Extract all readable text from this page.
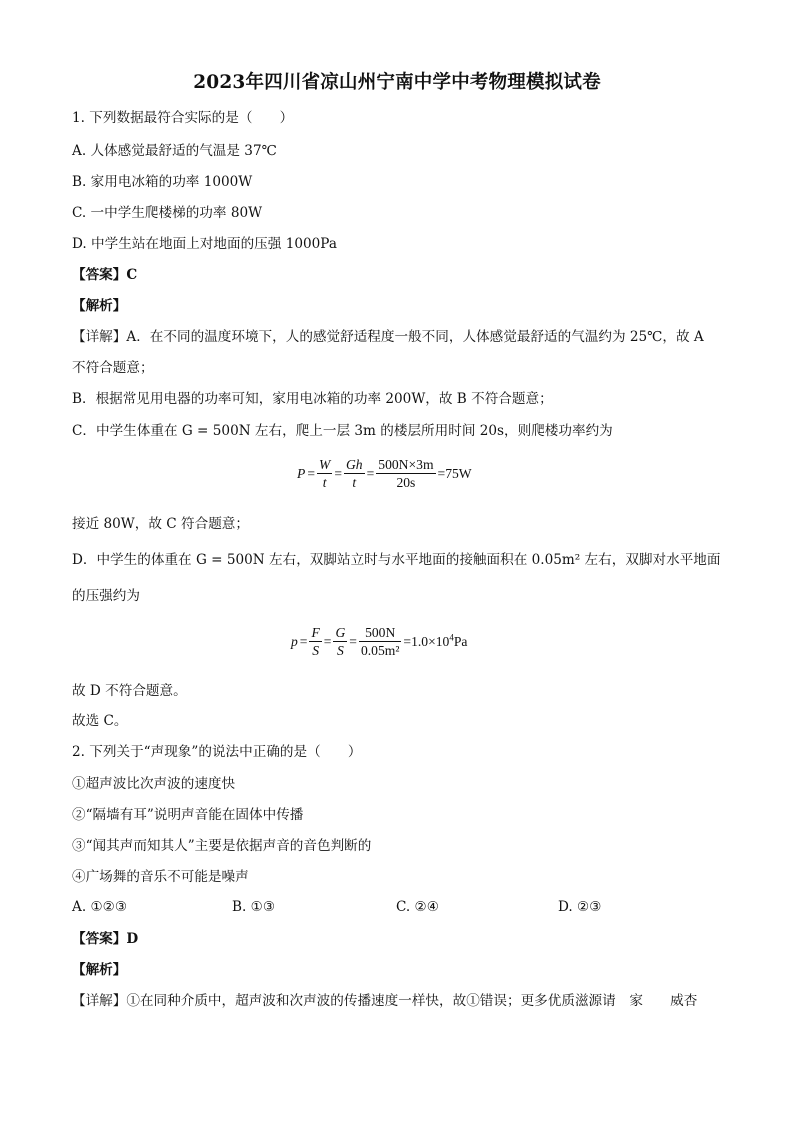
2023年四川省凉山州宁南中学中考物理模拟试卷
1. 下列数据最符合实际的是（　　）
A. 人体感觉最舒适的气温是 37℃
B. 家用电冰箱的功率 1000W
C. 一中学生爬楼梯的功率 80W
D. 中学生站在地面上对地面的压强 1000Pa
【答案】C
【解析】
【详解】A．在不同的温度环境下，人的感觉舒适程度一般不同，人体感觉最舒适的气温约为 25℃，故 A
不符合题意；
B．根据常见用电器的功率可知，家用电冰箱的功率 200W，故 B 不符合题意；
C．中学生体重在 G = 500N 左右，爬上一层 3m 的楼层所用时间 20s，则爬楼功率约为
$P = \frac{W}{t} = \frac{Gh}{t} = \frac{500N\times 3m}{20s} =75W$
接近 80W，故 C 符合题意；
D．中学生的体重在 G = 500N 左右，双脚站立时与水平地面的接触面积在 0.05m² 左右，双脚对水平地面
的压强约为
$p = \frac{F}{S} = \frac{G}{S} = \frac{500N}{\text{0.05m²}} =1.0\times 10^4Pa$
故 D 不符合题意。
故选 C。
2. 下列关于“声现象”的说法中正确的是（　　）
①超声波比次声波的速度快
②“隔墙有耳”说明声音能在固体中传播
③“闻其声而知其人”主要是依据声音的音色判断的
④广场舞的音乐不可能是噪声
A. ①②③	B. ①③	C. ②④	D. ②③
【答案】D
【解析】
【详解】①在同种介质中，超声波和次声波的传播速度一样快，故①错误；更多优质滋源请　家　　威杏
